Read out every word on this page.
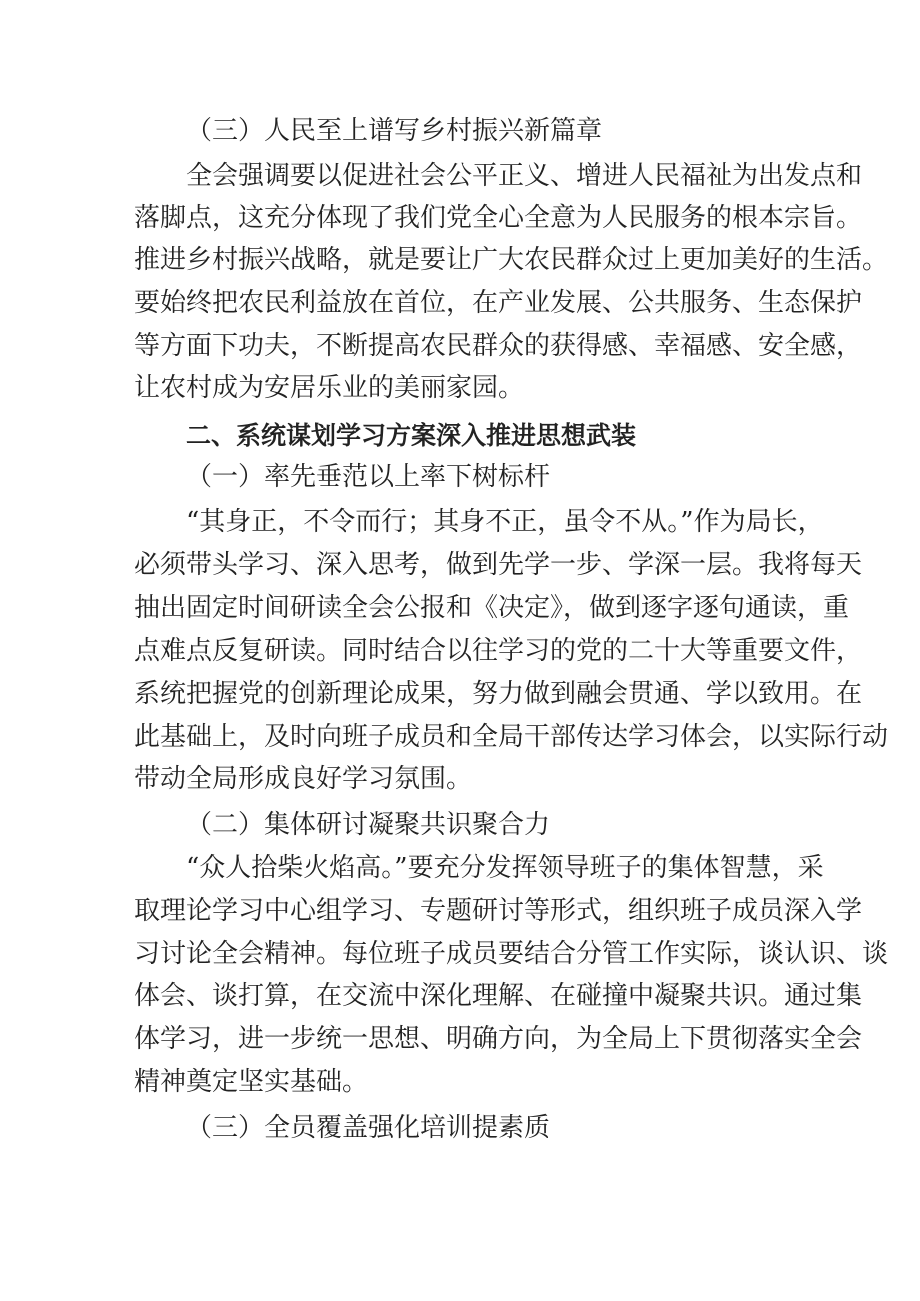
（三）人民至上谱写乡村振兴新篇章
全会强调要以促进社会公平正义、增进人民福祉为出发点和
落脚点，这充分体现了我们党全心全意为人民服务的根本宗旨。
推进乡村振兴战略，就是要让广大农民群众过上更加美好的生活。
要始终把农民利益放在首位，在产业发展、公共服务、生态保护
等方面下功夫，不断提高农民群众的获得感、幸福感、安全感，
让农村成为安居乐业的美丽家园。
二、系统谋划学习方案深入推进思想武装
（一）率先垂范以上率下树标杆
“其身正，不令而行；其身不正，虽令不从。”作为局长，
必须带头学习、深入思考，做到先学一步、学深一层。我将每天
抽出固定时间研读全会公报和《决定》，做到逐字逐句通读，重
点难点反复研读。同时结合以往学习的党的二十大等重要文件，
系统把握党的创新理论成果，努力做到融会贯通、学以致用。在
此基础上，及时向班子成员和全局干部传达学习体会，以实际行动
带动全局形成良好学习氛围。
（二）集体研讨凝聚共识聚合力
“众人拾柴火焰高。”要充分发挥领导班子的集体智慧，采
取理论学习中心组学习、专题研讨等形式，组织班子成员深入学
习讨论全会精神。每位班子成员要结合分管工作实际，谈认识、谈
体会、谈打算，在交流中深化理解、在碰撞中凝聚共识。通过集
体学习，进一步统一思想、明确方向，为全局上下贯彻落实全会
精神奠定坚实基础。
（三）全员覆盖强化培训提素质
